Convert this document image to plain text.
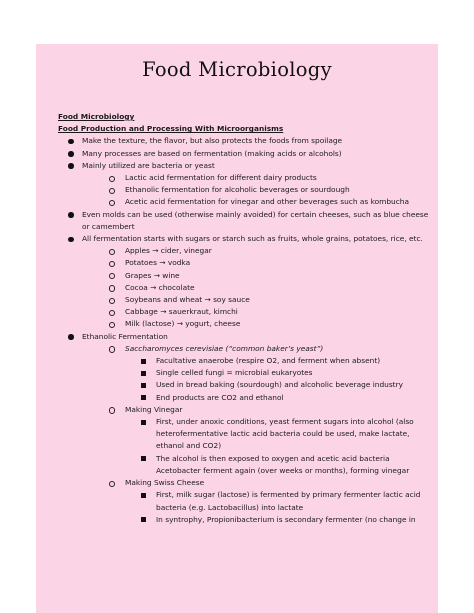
Food Microbiology
Food Microbiology
Food Production and Processing With Microorganisms
Make the texture, the flavor, but also protects the foods from spoilage
Many processes are based on fermentation (making acids or alcohols)
Mainly utilized are bacteria or yeast
Lactic acid fermentation for different dairy products
Ethanolic fermentation for alcoholic beverages or sourdough
Acetic acid fermentation for vinegar and other beverages such as kombucha
Even molds can be used (otherwise mainly avoided) for certain cheeses, such as blue cheese or camembert
All fermentation starts with sugars or starch such as fruits, whole grains, potatoes, rice, etc.
Apples → cider, vinegar
Potatoes → vodka
Grapes → wine
Cocoa → chocolate
Soybeans and wheat → soy sauce
Cabbage → sauerkraut, kimchi
Milk (lactose) → yogurt, cheese
Ethanolic Fermentation
Saccharomyces cerevisiae (“common baker’s yeast”)
Facultative anaerobe (respire O2, and ferment when absent)
Single celled fungi = microbial eukaryotes
Used in bread baking (sourdough) and alcoholic beverage industry
End products are CO2 and ethanol
Making Vinegar
First, under anoxic conditions, yeast ferment sugars into alcohol (also heterofermentative lactic acid bacteria could be used, make lactate, ethanol and CO2)
The alcohol is then exposed to oxygen and acetic acid bacteria Acetobacter ferment again (over weeks or months), forming vinegar
Making Swiss Cheese
First, milk sugar (lactose) is fermented by primary fermenter lactic acid bacteria (e.g. Lactobacillus) into lactate
In syntrophy, Propionibacterium is secondary fermenter (no change in
